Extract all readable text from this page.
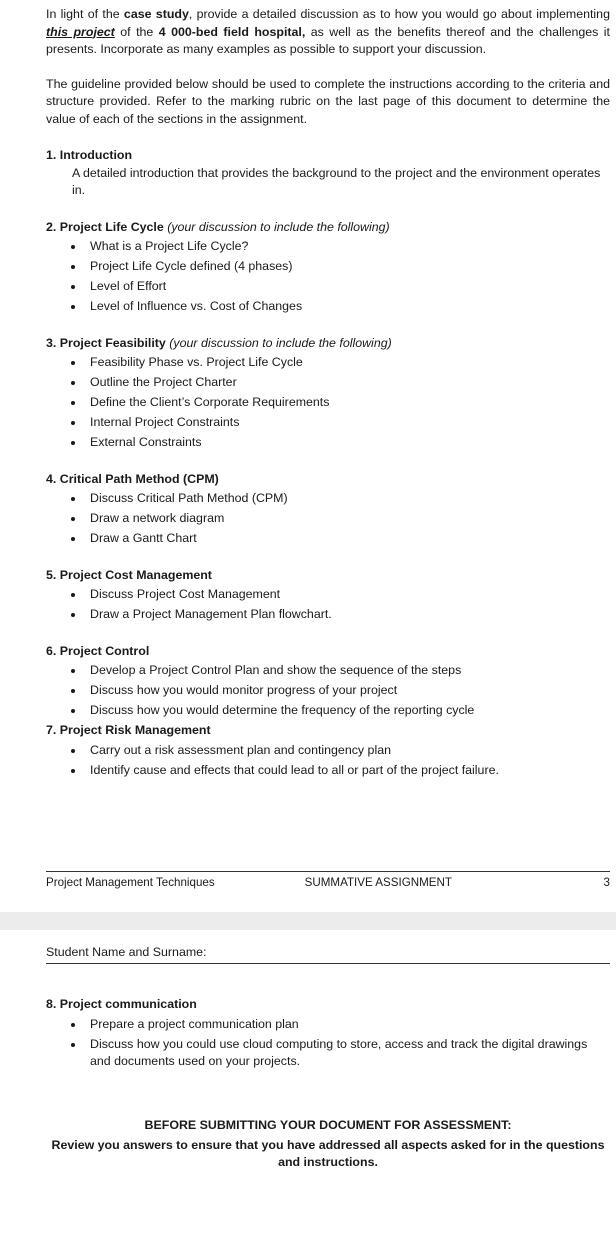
In light of the case study, provide a detailed discussion as to how you would go about implementing this project of the 4 000-bed field hospital, as well as the benefits thereof and the challenges it presents. Incorporate as many examples as possible to support your discussion.

The guideline provided below should be used to complete the instructions according to the criteria and structure provided. Refer to the marking rubric on the last page of this document to determine the value of each of the sections in the assignment.

1. Introduction

A detailed introduction that provides the background to the project and the environment operates in.

2. Project Life Cycle (your discussion to include the following)

What is a Project Life Cycle?
Project Life Cycle defined (4 phases)
Level of Effort
Level of Influence vs. Cost of Changes

3. Project Feasibility (your discussion to include the following)

Feasibility Phase vs. Project Life Cycle
Outline the Project Charter
Define the Client’s Corporate Requirements
Internal Project Constraints
External Constraints

4. Critical Path Method (CPM)

Discuss Critical Path Method (CPM)
Draw a network diagram
Draw a Gantt Chart

5. Project Cost Management

Discuss Project Cost Management
Draw a Project Management Plan flowchart.

6. Project Control

Develop a Project Control Plan and show the sequence of the steps
Discuss how you would monitor progress of your project
Discuss how you would determine the frequency of the reporting cycle

7. Project Risk Management

Carry out a risk assessment plan and contingency plan
Identify cause and effects that could lead to all or part of the project failure.
Project Management Techniques	SUMMATIVE ASSIGNMENT	3
Student Name and Surname:

8. Project communication

Prepare a project communication plan
Discuss how you could use cloud computing to store, access and track the digital drawings and documents used on your projects.

BEFORE SUBMITTING YOUR DOCUMENT FOR ASSESSMENT:

Review you answers to ensure that you have addressed all aspects asked for in the questions and instructions.
